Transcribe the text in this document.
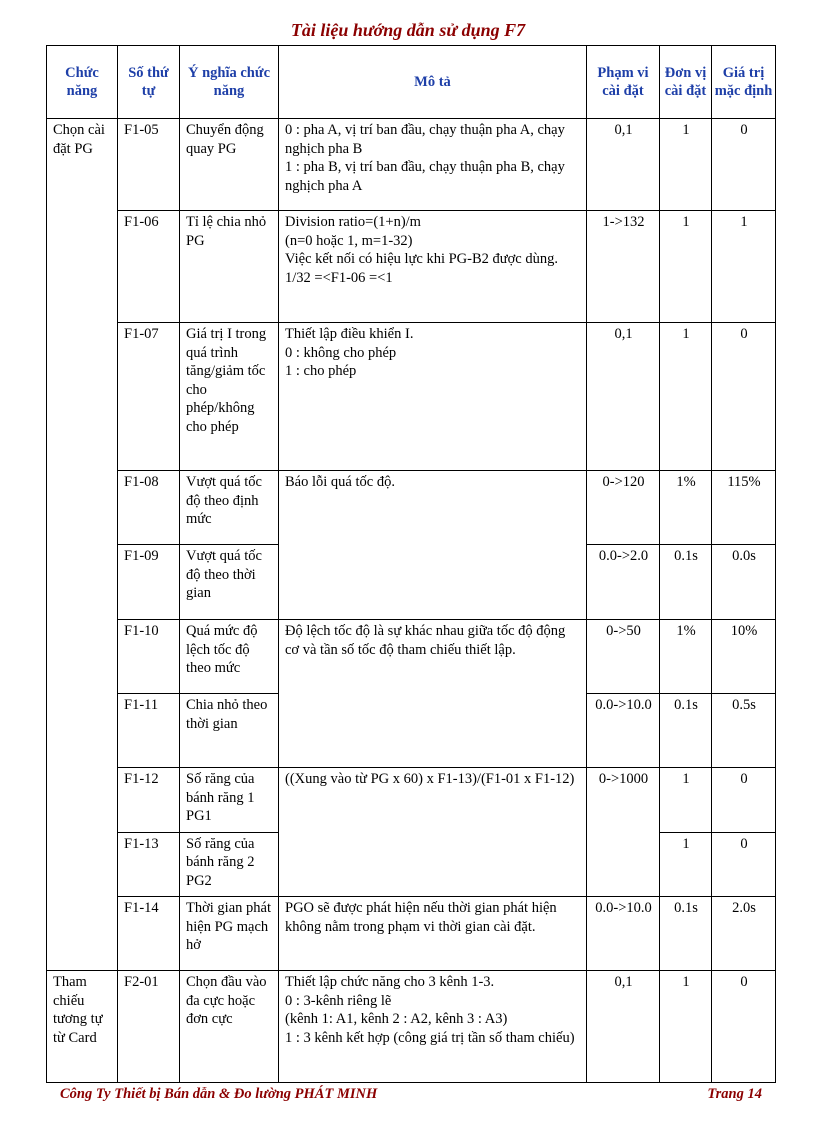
Tài liệu hướng dẫn sử dụng F7
Chức năng	Số thứ tự	Ý nghĩa chức năng	Mô tả	Phạm vi cài đặt	Đơn vị cài đặt	Giá trị mặc định
Chọn cài đặt PG	F1-05	Chuyển động quay PG	0 : pha A, vị trí ban đầu, chạy thuận pha A, chạy nghịch pha B
1 : pha B, vị trí ban đầu, chạy thuận pha B, chạy nghịch pha A	0,1	1	0
	F1-06	Tỉ lệ chia nhỏ PG	Division ratio=(1+n)/m
(n=0 hoặc 1, m=1-32)
Việc kết nối có hiệu lực khi PG-B2 được dùng.
1/32 =<F1-06 =<1	1->132	1	1
	F1-07	Giá trị I trong quá trình tăng/giảm tốc cho phép/không cho phép	Thiết lập điều khiển I.
0 : không cho phép
1 : cho phép	0,1	1	0
	F1-08	Vượt quá tốc độ theo định mức	Báo lỗi quá tốc độ.	0->120	1%	115%
	F1-09	Vượt quá tốc độ theo thời gian		0.0->2.0	0.1s	0.0s
	F1-10	Quá mức độ lệch tốc độ theo mức	Độ lệch tốc độ là sự khác nhau giữa tốc độ động cơ và tần số tốc độ tham chiếu thiết lập.	0->50	1%	10%
	F1-11	Chia nhỏ theo thời gian		0.0->10.0	0.1s	0.5s
	F1-12	Số răng của bánh răng 1 PG1	((Xung vào từ PG x 60) x F1-13)/(F1-01 x F1-12)	0->1000	1	0
	F1-13	Số răng của bánh răng 2 PG2			1	0
	F1-14	Thời gian phát hiện PG mạch hở	PGO sẽ được phát hiện nếu thời gian phát hiện không nằm trong phạm vi thời gian cài đặt.	0.0->10.0	0.1s	2.0s
Tham chiếu tương tự từ Card	F2-01	Chọn đầu vào đa cực hoặc đơn cực	Thiết lập chức năng cho 3 kênh 1-3.
0 : 3-kênh riêng lẽ
(kênh 1: A1, kênh 2 : A2, kênh 3 : A3)
1 : 3 kênh kết hợp (công giá trị tần số tham chiếu)	0,1	1	0
Công Ty Thiết bị Bán dẫn & Đo lường PHÁT MINH	Trang 14
